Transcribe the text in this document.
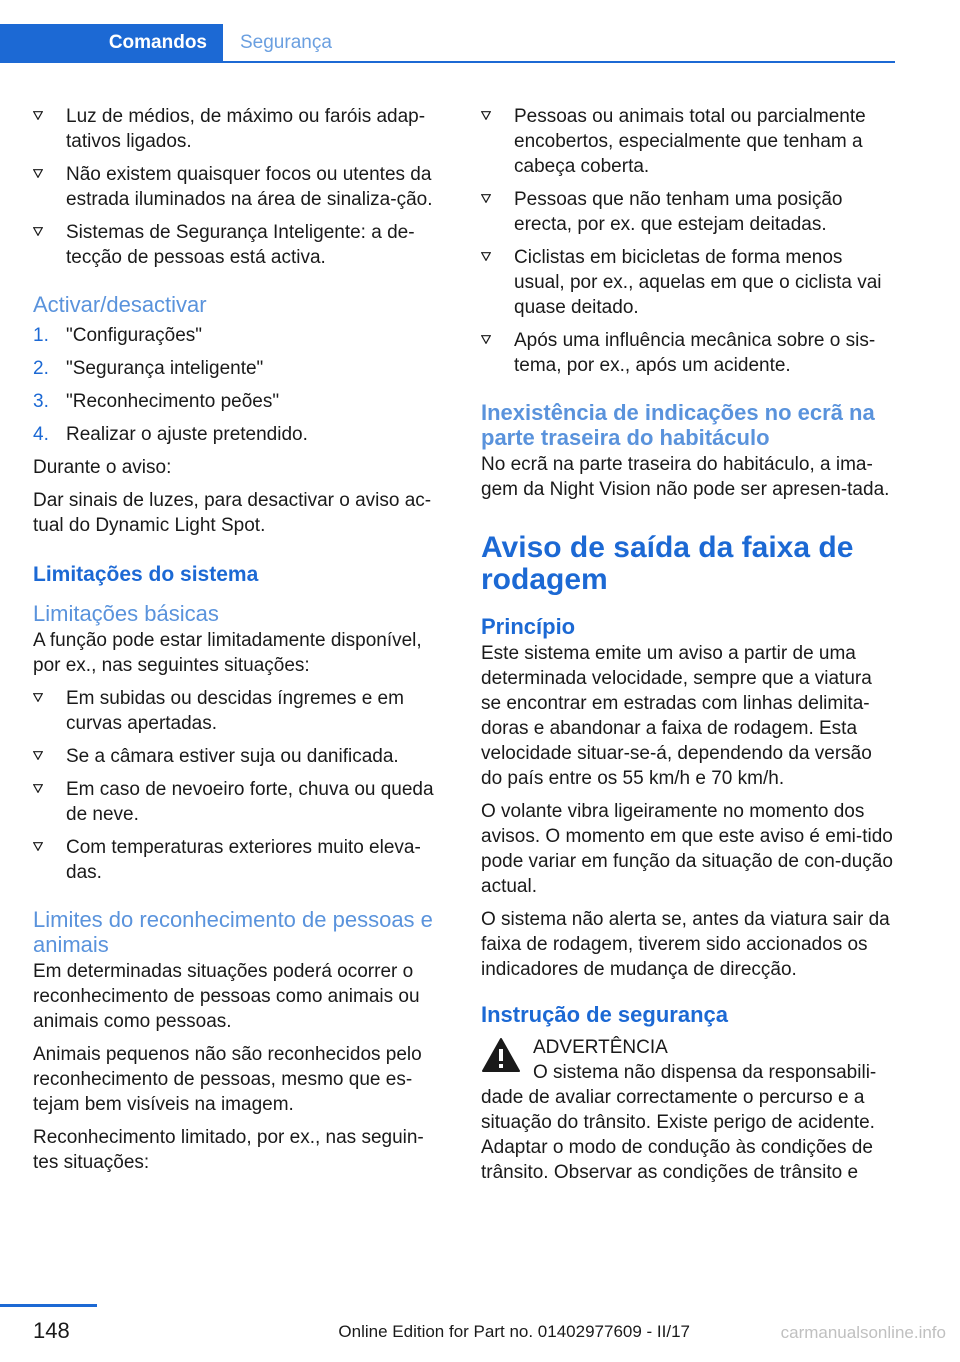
Comandos	Segurança
Luz de médios, de máximo ou faróis adap‐tativos ligados.
Não existem quaisquer focos ou utentes da estrada iluminados na área de sinaliza‐ção.
Sistemas de Segurança Inteligente: a de‐tecção de pessoas está activa.
Activar/desactivar
1. "Configurações"
2. "Segurança inteligente"
3. "Reconhecimento peões"
4. Realizar o ajuste pretendido.
Durante o aviso:
Dar sinais de luzes, para desactivar o aviso ac‐tual do Dynamic Light Spot.
Limitações do sistema
Limitações básicas
A função pode estar limitadamente disponível, por ex., nas seguintes situações:
Em subidas ou descidas íngremes e em curvas apertadas.
Se a câmara estiver suja ou danificada.
Em caso de nevoeiro forte, chuva ou queda de neve.
Com temperaturas exteriores muito eleva‐das.
Limites do reconhecimento de pessoas e animais
Em determinadas situações poderá ocorrer o reconhecimento de pessoas como animais ou animais como pessoas.
Animais pequenos não são reconhecidos pelo reconhecimento de pessoas, mesmo que es‐tejam bem visíveis na imagem.
Reconhecimento limitado, por ex., nas seguin‐tes situações:
Pessoas ou animais total ou parcialmente encobertos, especialmente que tenham a cabeça coberta.
Pessoas que não tenham uma posição erecta, por ex. que estejam deitadas.
Ciclistas em bicicletas de forma menos usual, por ex., aquelas em que o ciclista vai quase deitado.
Após uma influência mecânica sobre o sis‐tema, por ex., após um acidente.
Inexistência de indicações no ecrã na parte traseira do habitáculo
No ecrã na parte traseira do habitáculo, a ima‐gem da Night Vision não pode ser apresen‐tada.
Aviso de saída da faixa de rodagem
Princípio
Este sistema emite um aviso a partir de uma determinada velocidade, sempre que a viatura se encontrar em estradas com linhas delimita‐doras e abandonar a faixa de rodagem. Esta velocidade situar-se-á, dependendo da versão do país entre os 55 km/h e 70 km/h.
O volante vibra ligeiramente no momento dos avisos. O momento em que este aviso é emi‐tido pode variar em função da situação de con‐dução actual.
O sistema não alerta se, antes da viatura sair da faixa de rodagem, tiverem sido accionados os indicadores de mudança de direcção.
Instrução de segurança
ADVERTÊNCIA
O sistema não dispensa da responsabili‐
dade de avaliar correctamente o percurso e a situação do trânsito. Existe perigo de acidente. Adaptar o modo de condução às condições de trânsito. Observar as condições de trânsito e
148	Online Edition for Part no. 01402977609 - II/17	carmanualsonline.info
